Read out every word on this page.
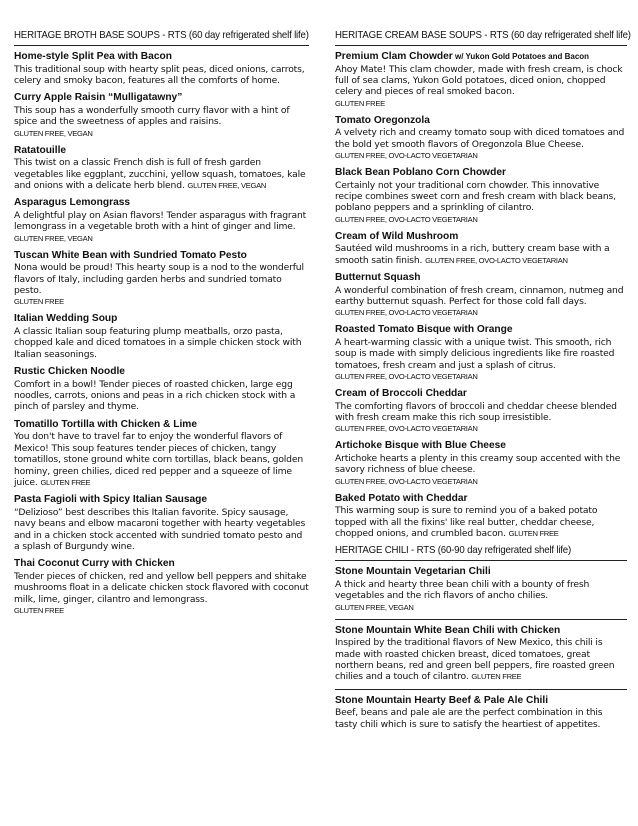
HERITAGE BROTH BASE SOUPS - RTS (60 day refrigerated shelf life)
Home-style Split Pea with Bacon
This traditional soup with hearty split peas, diced onions, carrots, celery and smoky bacon, features all the comforts of home.
Curry Apple Raisin “Mulligatawny”
This soup has a wonderfully smooth curry flavor with a hint of spice and the sweetness of apples and raisins.
GLUTEN FREE, VEGAN
Ratatouille
This twist on a classic French dish is full of fresh garden vegetables like eggplant, zucchini, yellow squash, tomatoes, kale and onions with a delicate herb blend. GLUTEN FREE, VEGAN
Asparagus Lemongrass
A delightful play on Asian flavors! Tender asparagus with fragrant lemongrass in a vegetable broth with a hint of ginger and lime.
GLUTEN FREE, VEGAN
Tuscan White Bean with Sundried Tomato Pesto
Nona would be proud! This hearty soup is a nod to the wonderful flavors of Italy, including garden herbs and sundried tomato pesto.
GLUTEN FREE
Italian Wedding Soup
A classic Italian soup featuring plump meatballs, orzo pasta, chopped kale and diced tomatoes in a simple chicken stock with Italian seasonings.
Rustic Chicken Noodle
Comfort in a bowl! Tender pieces of roasted chicken, large egg noodles, carrots, onions and peas in a rich chicken stock with a pinch of parsley and thyme.
Tomatillo Tortilla with Chicken & Lime
You don't have to travel far to enjoy the wonderful flavors of Mexico! This soup features tender pieces of chicken, tangy tomatillos, stone ground white corn tortillas, black beans, golden hominy, green chilies, diced red pepper and a squeeze of lime juice. GLUTEN FREE
Pasta Fagioli with Spicy Italian Sausage
“Delizioso” best describes this Italian favorite. Spicy sausage, navy beans and elbow macaroni together with hearty vegetables and in a chicken stock accented with sundried tomato pesto and a splash of Burgundy wine.
Thai Coconut Curry with Chicken
Tender pieces of chicken, red and yellow bell peppers and shitake mushrooms float in a delicate chicken stock flavored with coconut milk, lime, ginger, cilantro and lemongrass.
GLUTEN FREE
HERITAGE CREAM BASE SOUPS - RTS (60 day refrigerated shelf life)
Premium Clam Chowder w/ Yukon Gold Potatoes and Bacon
Ahoy Mate! This clam chowder, made with fresh cream, is chock full of sea clams, Yukon Gold potatoes, diced onion, chopped celery and pieces of real smoked bacon.
GLUTEN FREE
Tomato Oregonzola
A velvety rich and creamy tomato soup with diced tomatoes and the bold yet smooth flavors of Oregonzola Blue Cheese.
GLUTEN FREE, OVO-LACTO VEGETARIAN
Black Bean Poblano Corn Chowder
Certainly not your traditional corn chowder. This innovative recipe combines sweet corn and fresh cream with black beans, poblano peppers and a sprinkling of cilantro.
GLUTEN FREE, OVO-LACTO VEGETARIAN
Cream of Wild Mushroom
Sautéed wild mushrooms in a rich, buttery cream base with a smooth satin finish. GLUTEN FREE, OVO-LACTO VEGETARIAN
Butternut Squash
A wonderful combination of fresh cream, cinnamon, nutmeg and earthy butternut squash. Perfect for those cold fall days.
GLUTEN FREE, OVO-LACTO VEGETARIAN
Roasted Tomato Bisque with Orange
A heart-warming classic with a unique twist. This smooth, rich soup is made with simply delicious ingredients like fire roasted tomatoes, fresh cream and just a splash of citrus.
GLUTEN FREE, OVO-LACTO VEGETARIAN
Cream of Broccoli Cheddar
The comforting flavors of broccoli and cheddar cheese blended with fresh cream make this rich soup irresistible.
GLUTEN FREE, OVO-LACTO VEGETARIAN
Artichoke Bisque with Blue Cheese
Artichoke hearts a plenty in this creamy soup accented with the savory richness of blue cheese.
GLUTEN FREE, OVO-LACTO VEGETARIAN
Baked Potato with Cheddar
This warming soup is sure to remind you of a baked potato topped with all the fixins' like real butter, cheddar cheese, chopped onions, and crumbled bacon. GLUTEN FREE
HERITAGE CHILI - RTS (60-90 day refrigerated shelf life)
Stone Mountain Vegetarian Chili
A thick and hearty three bean chili with a bounty of fresh vegetables and the rich flavors of ancho chilies.
GLUTEN FREE, VEGAN
Stone Mountain White Bean Chili with Chicken
Inspired by the traditional flavors of New Mexico, this chili is made with roasted chicken breast, diced tomatoes, great northern beans, red and green bell peppers, fire roasted green chilies and a touch of cilantro. GLUTEN FREE
Stone Mountain Hearty Beef & Pale Ale Chili
Beef, beans and pale ale are the perfect combination in this tasty chili which is sure to satisfy the heartiest of appetites.
